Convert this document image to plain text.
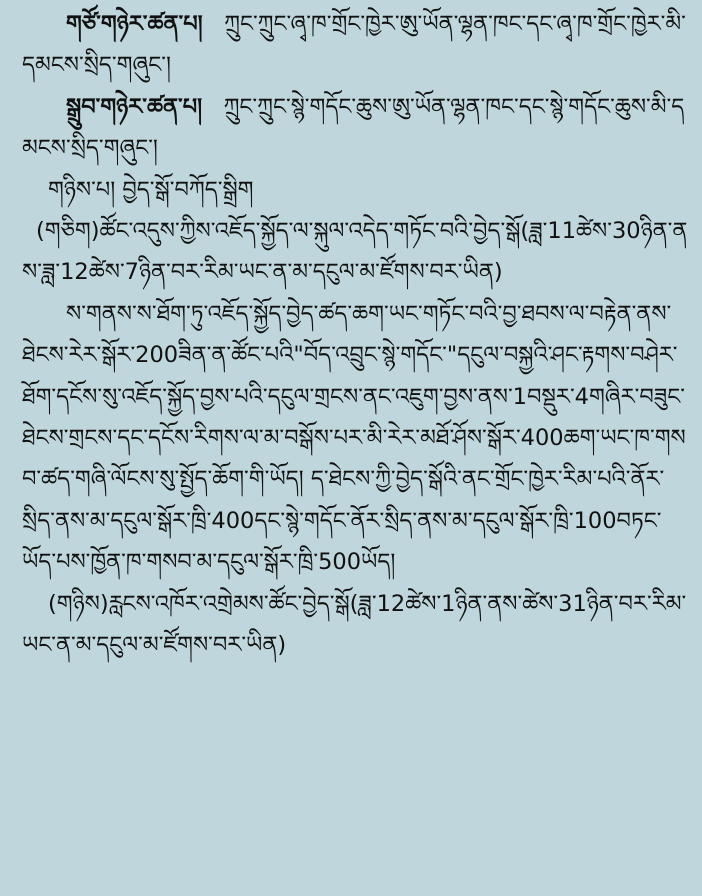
གཙོ་གཉེར་ཚན་པ།   ཀྲུང་ཀྲུང་ཞྭ་ཁ་གྲོང་ཁྱེར་ཨུ་ཡོན་ལྷན་ཁང་དང་ཞྭ་ཁ་གྲོང་ཁྱེར་མི་དམངས་སྲིད་གཞུང་།

སྒྲུབ་གཉེར་ཚན་པ།   ཀྲུང་ཀྲུང་སྙེ་གདོང་ཆུས་ཨུ་ཡོན་ལྷན་ཁང་དང་སྙེ་གདོང་ཆུས་མི་དམངས་སྲིད་གཞུང་།

གཉིས་པ། བྱེད་སྒོ་བཀོད་སྒྲིག

(གཅིག)ཚོང་འདུས་ཀྱིས་འཇོད་སྐྱོད་ལ་སྐུལ་འདེད་གཏོང་བའི་བྱེད་སྒོ(ཟླ་11ཚེས་30ཉིན་ནས་ཟླ་12ཚེས་7ཉིན་བར་རིམ་ཡང་ན་མ་དངུལ་མ་ཛོགས་བར་ཡིན)

ས་གནས་ས་ཐོག་ཏུ་འཇོད་སྐྱོད་བྱེད་ཚད་ཆག་ཡང་གཏོང་བའི་བྱ་ཐབས་ལ་བརྟེན་ནས་ཐེངས་རེར་སྒོར་200ཟིན་ན་ཚོང་པའི"བོད་འབྲུང་སྙེ་གདོང་"དངུལ་བསྐྱའི་ཤང་རྟགས་བཤེར་ཐོག་དངོས་སུ་འཇོད་སྐྱོད་བྱས་པའི་དངུལ་གྲངས་ནང་འཇུག་བྱས་ནས་1བསྡུར་4གཞིར་བཟུང་ཐེངས་གྲངས་དང་དངོས་རིགས་ལ་མ་བསྒོས་པར་མི་རེར་མཐོ་ཤོས་སྒོར་400ཆག་ཡང་ཁ་གསབ་ཚད་གཞི་ལོངས་སུ་སྤྱོད་ཆོག་གི་ཡོད། ད་ཐེངས་ཀྱི་བྱེད་སྒོའི་ནང་གྲོང་ཁྱེར་རིམ་པའི་ནོར་སྲིད་ནས་མ་དངུལ་སྒོར་ཁྲི་400དང་སྙེ་གདོང་ནོར་སྲིད་ནས་མ་དངུལ་སྒོར་ཁྲི་100བཏང་ཡོད་པས་ཁྱོན་ཁ་གསབ་མ་དངུལ་སྒོར་ཁྲི་500ཡོད།

(གཉིས)རླངས་འཁོར་འགྲེམས་ཚོང་བྱེད་སྒོ(ཟླ་12ཚེས་1ཉིན་ནས་ཚེས་31ཉིན་བར་རིམ་ཡང་ན་མ་དངུལ་མ་ཛོགས་བར་ཡིན)
